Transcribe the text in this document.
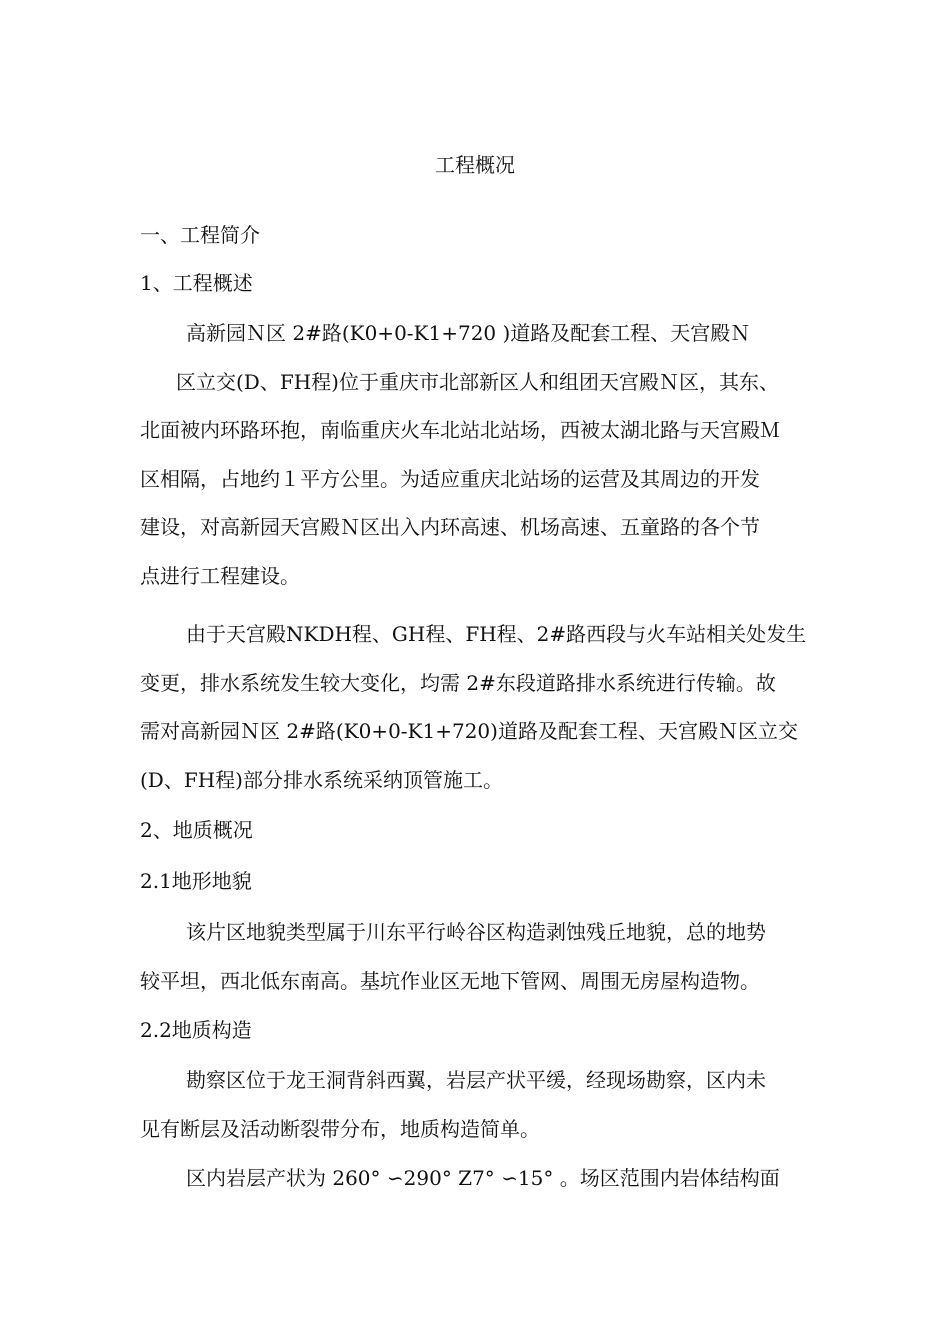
工程概况
一、工程简介
1、工程概述
高新园Ｎ区 2#路(K0+0-K1+720 )道路及配套工程、天宫殿Ｎ
区立交(D、FH程)位于重庆市北部新区人和组团天宫殿Ｎ区，其东、
北面被内环路环抱，南临重庆火车北站北站场，西被太湖北路与天宫殿Ｍ
区相隔，占地约１平方公里。为适应重庆北站场的运营及其周边的开发
建设，对高新园天宫殿Ｎ区出入内环高速、机场高速、五童路的各个节
点进行工程建设。
由于天宫殿NKDH程、GH程、FH程、2#路西段与火车站相关处发生
变更，排水系统发生较大变化，均需 2#东段道路排水系统进行传输。故
需对高新园Ｎ区 2#路(K0+0-K1+720)道路及配套工程、天宫殿Ｎ区立交
(D、FH程)部分排水系统采纳顶管施工。
2、地质概况
2.1地形地貌
该片区地貌类型属于川东平行岭谷区构造剥蚀残丘地貌，总的地势
较平坦，西北低东南高。基坑作业区无地下管网、周围无房屋构造物。
2.2地质构造
勘察区位于龙王洞背斜西翼，岩层产状平缓，经现场勘察，区内未
见有断层及活动断裂带分布，地质构造简单。
区内岩层产状为 260° ∽290° Z7° ∽15° 。场区范围内岩体结构面
